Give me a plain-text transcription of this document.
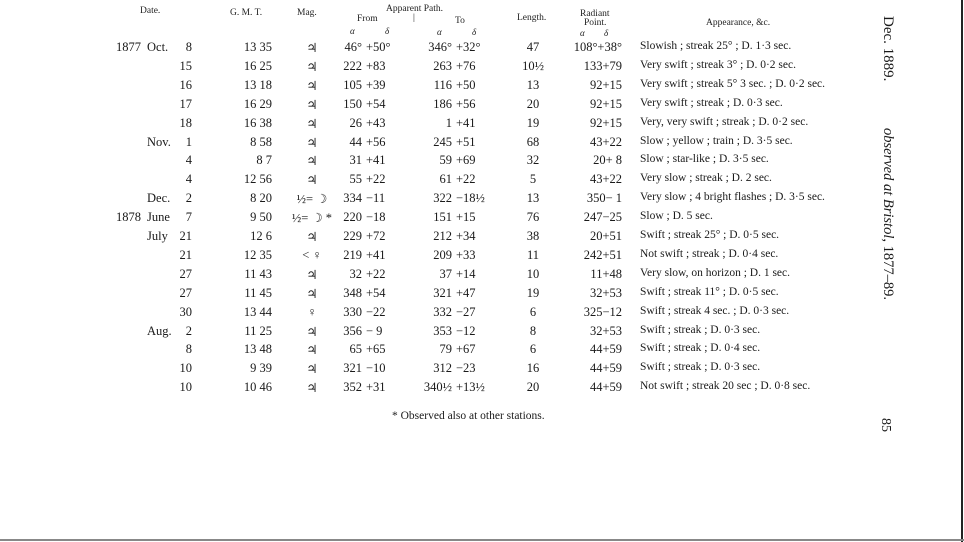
Date.	G. M. T.	Mag.	Apparent Path.
From	|	To
α	δ	α	δ
Length.	Radiant
Point.
α δ
Appearance, &c.
1877 Oct.	8	13 35	♃	46° +50°	346° +32°	47	108°+38° Slowish ; streak 25° ; D. 1·3 sec.
15	16 25	♃	222 +83	263 +76	10½	133+79 Very swift ; streak 3° ; D. 0·2 sec.
16	13 18	♃	105 +39	116 +50	13	92+15 Very swift ; streak 5° 3 sec. ; D. 0·2 sec.
17	16 29	♃	150 +54	186 +56	20	92+15 Very swift ; streak ; D. 0·3 sec.
18	16 38	♃	26 +43	1 +41	19	92+15 Very, very swift ; streak ; D. 0·2 sec.
Nov.	1	8 58	♃	44 +56	245 +51	68	43+22 Slow ; yellow ; train ; D. 3·5 sec.
4	8 7	♃	31 +41	59 +69	32	20+ 8 Slow ; star-like ; D. 3·5 sec.
4	12 56	♃	55 +22	61 +22	5	43+22 Very slow ; streak ; D. 2 sec.
Dec.	2	8 20	½= ☽	334 −11	322 −18½	13	350− 1 Very slow ; 4 bright flashes ; D. 3·5 sec.
1878 June	7	9 50	½= ☽ * 220 −18	151 +15	76	247−25 Slow ; D. 5 sec.
July 21	12 6	♃	229 +72	212 +34	38	20+51 Swift ; streak 25° ; D. 0·5 sec.
21	12 35	< ♀	219 +41	209 +33	11	242+51 Not swift ; streak ; D. 0·4 sec.
27	11 43	♃	32 +22	37 +14	10	11+48 Very slow, on horizon ; D. 1 sec.
27	11 45	♃	348 +54	321 +47	19	32+53 Swift ; streak 11° ; D. 0·5 sec.
30	13 44	♀	330 −22	332 −27	6	325−12 Swift ; streak 4 sec. ; D. 0·3 sec.
Aug.	2	11 25	♃	356 − 9	353 −12	8	32+53 Swift ; streak ; D. 0·3 sec.
8	13 48	♃	65 +65	79 +67	6	44+59 Swift ; streak ; D. 0·4 sec.
10	9 39	♃	321 −10	312 −23	16	44+59 Swift ; streak ; D. 0·3 sec.
10	10 46	♃	352 +31	340½ +13½	20	44+59 Not swift ; streak 20 sec ; D. 0·8 sec.
* Observed also at other stations.
Dec. 1889.
observed at Bristol, 1877–89.
85
